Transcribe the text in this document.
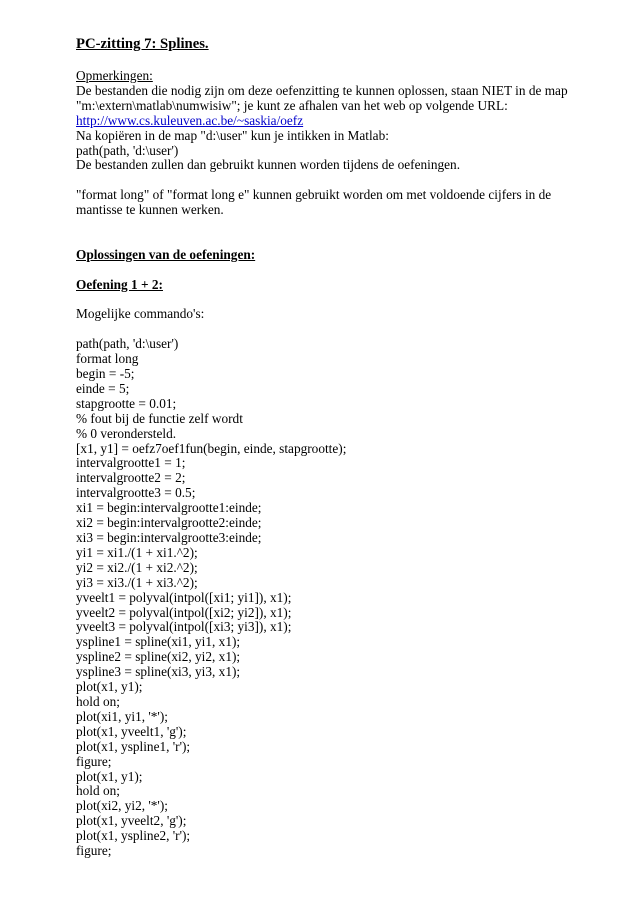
PC-zitting 7: Splines.

Opmerkingen:

De bestanden die nodig zijn om deze oefenzitting te kunnen oplossen, staan NIET in de map

"m:\extern\matlab\numwisiw"; je kunt ze afhalen van het web op volgende URL:

http://www.cs.kuleuven.ac.be/~saskia/oefz

Na kopiëren in de map "d:\user" kun je intikken in Matlab:

path(path, 'd:\user')

De bestanden zullen dan gebruikt kunnen worden tijdens de oefeningen.

"format long" of "format long e" kunnen gebruikt worden om met voldoende cijfers in de

mantisse te kunnen werken.

Oplossingen van de oefeningen:

Oefening 1 + 2:

Mogelijke commando's:

path(path, 'd:\user')

format long

begin = -5;

einde = 5;

stapgrootte = 0.01;

% fout bij de functie zelf wordt

% 0 verondersteld.

[x1, y1] = oefz7oef1fun(begin, einde, stapgrootte);

intervalgrootte1 = 1;

intervalgrootte2 = 2;

intervalgrootte3 = 0.5;

xi1 = begin:intervalgrootte1:einde;

xi2 = begin:intervalgrootte2:einde;

xi3 = begin:intervalgrootte3:einde;

yi1 = xi1./(1 + xi1.^2);

yi2 = xi2./(1 + xi2.^2);

yi3 = xi3./(1 + xi3.^2);

yveelt1 = polyval(intpol([xi1; yi1]), x1);

yveelt2 = polyval(intpol([xi2; yi2]), x1);

yveelt3 = polyval(intpol([xi3; yi3]), x1);

yspline1 = spline(xi1, yi1, x1);

yspline2 = spline(xi2, yi2, x1);

yspline3 = spline(xi3, yi3, x1);

plot(x1, y1);

hold on;

plot(xi1, yi1, '*');

plot(x1, yveelt1, 'g');

plot(x1, yspline1, 'r');

figure;

plot(x1, y1);

hold on;

plot(xi2, yi2, '*');

plot(x1, yveelt2, 'g');

plot(x1, yspline2, 'r');

figure;
